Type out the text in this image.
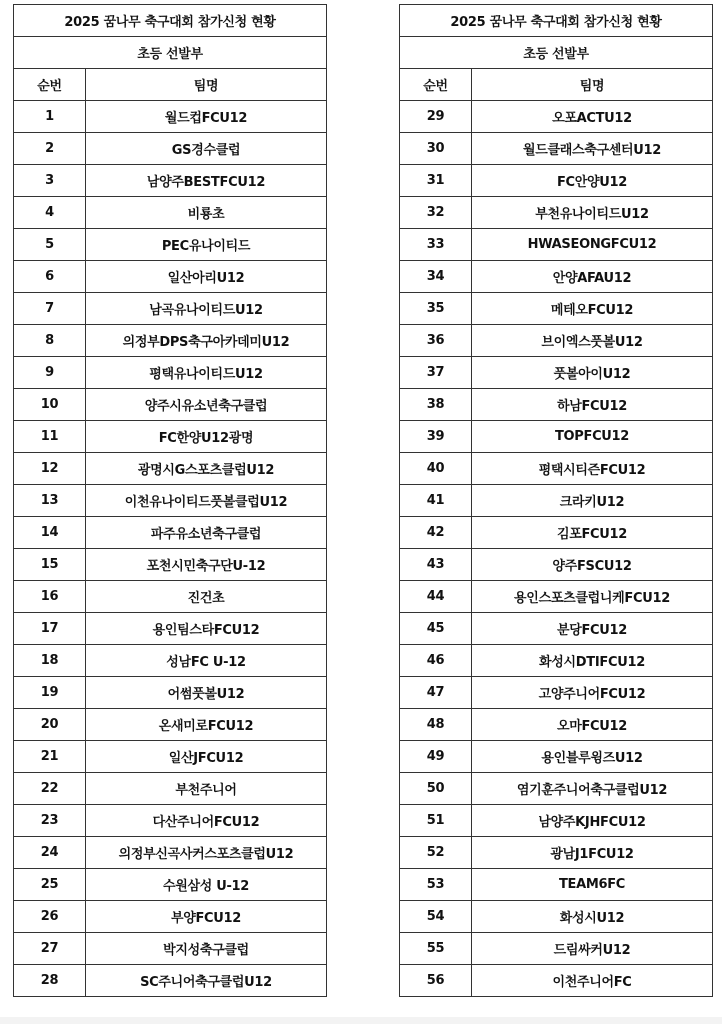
2025 꿈나무 축구대회 참가신청 현황	
초등 선발부	
순번	팀명
1	월드컵FCU12
2	GS경수클럽
3	남양주BESTFCU12
4	비룡초
5	PEC유나이티드
6	일산아리U12
7	남곡유나이티드U12
8	의정부DPS축구아카데미U12
9	평택유나이티드U12
10	양주시유소년축구클럽
11	FC한양U12광명
12	광명시G스포츠클럽U12
13	이천유나이티드풋볼클럽U12
14	파주유소년축구클럽
15	포천시민축구단U-12
16	진건초
17	용인팀스타FCU12
18	성남FC U-12
19	어썸풋볼U12
20	온새미로FCU12
21	일산JFCU12
22	부천주니어
23	다산주니어FCU12
24	의정부신곡사커스포츠클럽U12
25	수원삼성 U-12
26	부양FCU12
27	박지성축구클럽
28	SC주니어축구클럽U12
2025 꿈나무 축구대회 참가신청 현황	
초등 선발부	
순번	팀명
29	오포ACTU12
30	월드클래스축구센터U12
31	FC안양U12
32	부천유나이티드U12
33	HWASEONGFCU12
34	안양AFAU12
35	메테오FCU12
36	브이엑스풋볼U12
37	풋볼아이U12
38	하남FCU12
39	TOPFCU12
40	평택시티즌FCU12
41	크라키U12
42	김포FCU12
43	양주FSCU12
44	용인스포츠클럽니케FCU12
45	분당FCU12
46	화성시DTIFCU12
47	고양주니어FCU12
48	오마FCU12
49	용인블루윙즈U12
50	염기훈주니어축구클럽U12
51	남양주KJHFCU12
52	광남J1FCU12
53	TEAM6FC
54	화성시U12
55	드림싸커U12
56	이천주니어FC
